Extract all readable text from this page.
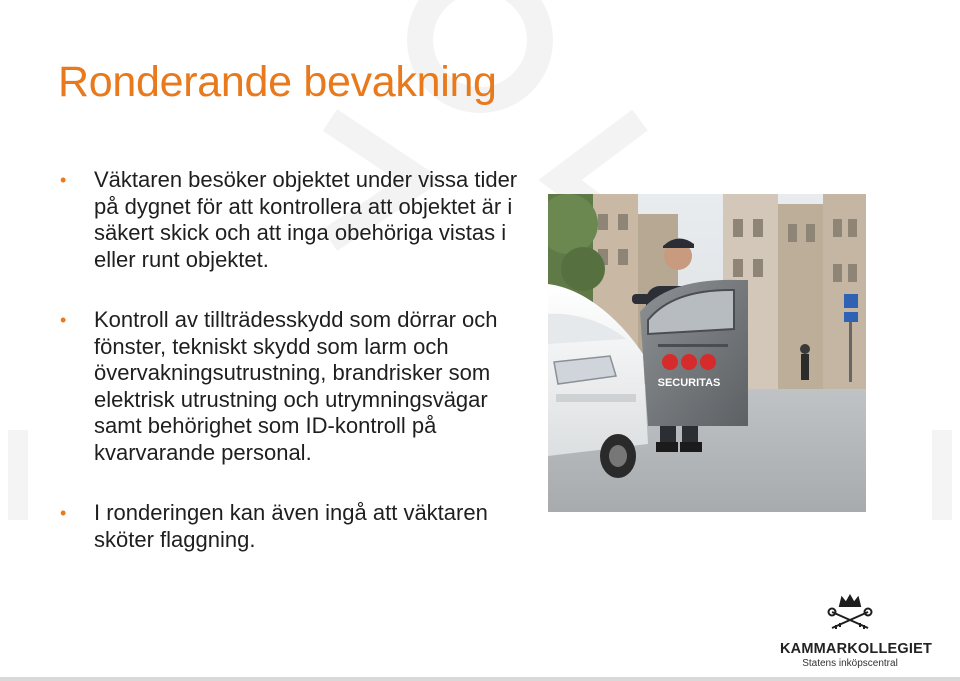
Ronderande bevakning
• Väktaren besöker objektet under vissa tider på dygnet för att kontrollera att objektet är i säkert skick och att inga obehöriga vistas i eller runt objektet.
• Kontroll av tillträdesskydd som dörrar och fönster, tekniskt skydd som larm och övervakningsutrustning, brandrisker som elektrisk utrustning och utrymningsvägar samt behörighet som ID-kontroll på kvarvarande personal.
• I ronderingen kan även ingå att väktaren sköter flaggning.
SECURITAS
KAMMARKOLLEGIET
Statens inköpscentral
